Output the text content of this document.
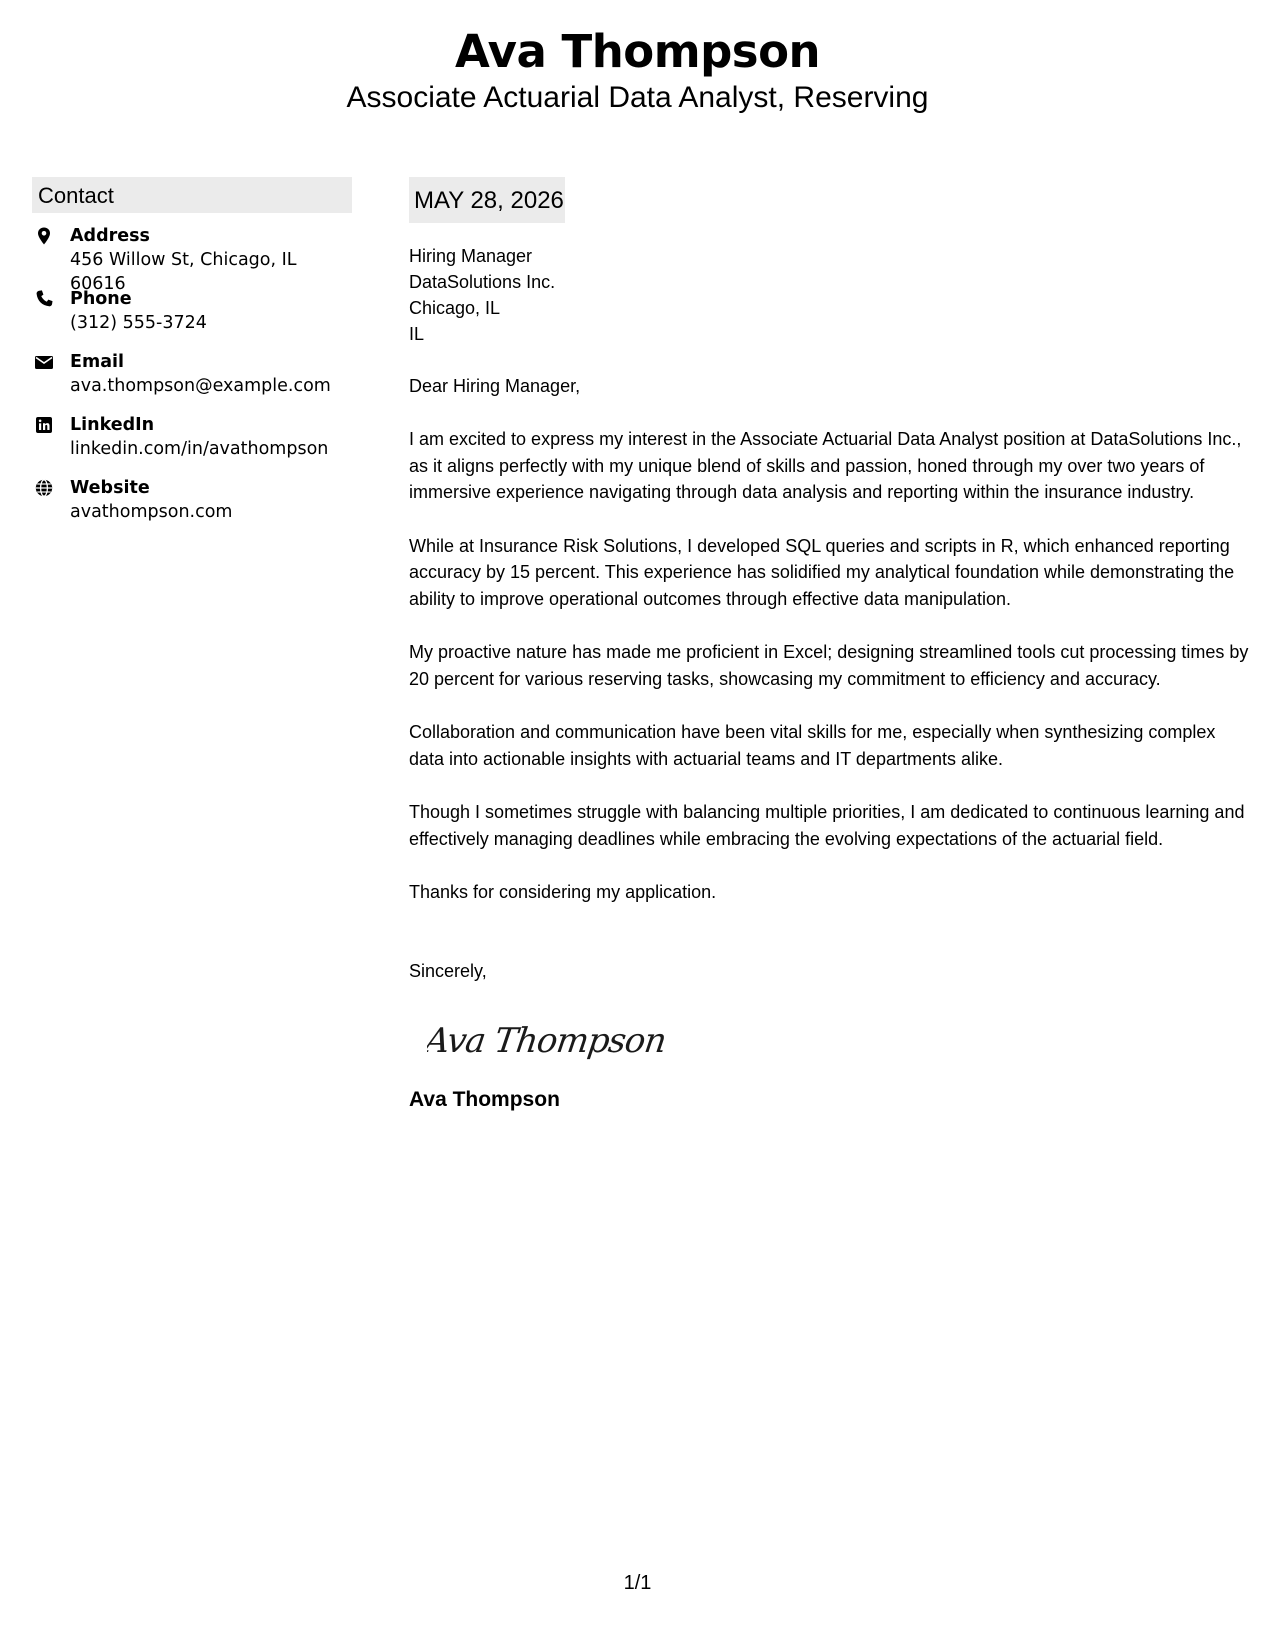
Ava Thompson
Associate Actuarial Data Analyst, Reserving
Contact
Address
456 Willow St, Chicago, IL 60616
Phone
(312) 555-3724
Email
ava.thompson@example.com
LinkedIn
linkedin.com/in/avathompson
Website
avathompson.com
MAY 28, 2026
Hiring Manager
DataSolutions Inc.
Chicago, IL
IL
Dear Hiring Manager,
I am excited to express my interest in the Associate Actuarial Data Analyst position at DataSolutions Inc., as it aligns perfectly with my unique blend of skills and passion, honed through my over two years of immersive experience navigating through data analysis and reporting within the insurance industry.
While at Insurance Risk Solutions, I developed SQL queries and scripts in R, which enhanced reporting accuracy by 15 percent. This experience has solidified my analytical foundation while demonstrating the ability to improve operational outcomes through effective data manipulation.
My proactive nature has made me proficient in Excel; designing streamlined tools cut processing times by 20 percent for various reserving tasks, showcasing my commitment to efficiency and accuracy.
Collaboration and communication have been vital skills for me, especially when synthesizing complex data into actionable insights with actuarial teams and IT departments alike.
Though I sometimes struggle with balancing multiple priorities, I am dedicated to continuous learning and effectively managing deadlines while embracing the evolving expectations of the actuarial field.
Thanks for considering my application.
Sincerely,
Ava Thompson
Ava Thompson
1/1
